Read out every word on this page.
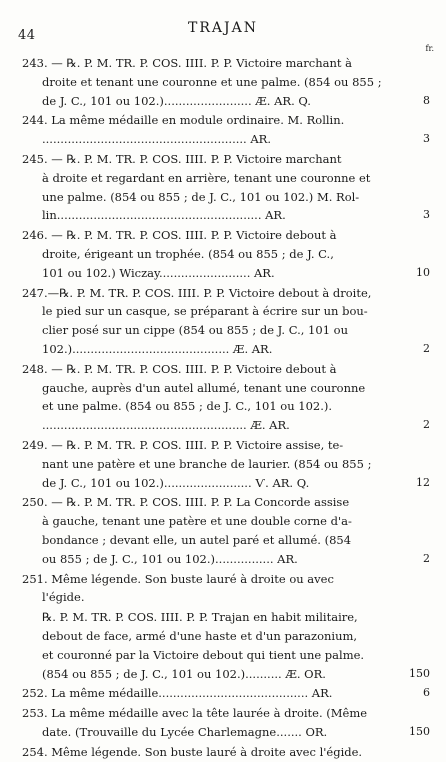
44	TRAJAN
fr.
243. — ℞. P. M. TR. P. COS. IIII. P. P. Victoire marchant à
droite et tenant une couronne et une palme. (854 ou 855 ;
de J. C., 101 ou 102.)........................ Æ. AR. Q.	8
244. La même médaille en module ordinaire. M. Rollin.
........................................................ AR.	3
245. — ℞. P. M. TR. P. COS. IIII. P. P. Victoire marchant
à droite et regardant en arrière, tenant une couronne et
une palme. (854 ou 855 ; de J. C., 101 ou 102.) M. Rol-
lin........................................................ AR.	3
246. — ℞. P. M. TR. P. COS. IIII. P. P. Victoire debout à
droite, érigeant un trophée. (854 ou 855 ; de J. C.,
101 ou 102.) Wiczay......................... AR.	10
247.—℞. P. M. TR. P. COS. IIII. P. P. Victoire debout à droite,
le pied sur un casque, se préparant à écrire sur un bou-
clier posé sur un cippe (854 ou 855 ; de J. C., 101 ou
102.)........................................... Æ. AR.	2
248. — ℞. P. M. TR. P. COS. IIII. P. P. Victoire debout à
gauche, auprès d'un autel allumé, tenant une couronne
et une palme. (854 ou 855 ; de J. C., 101 ou 102.).
........................................................ Æ. AR.	2
249. — ℞. P. M. TR. P. COS. IIII. P. P. Victoire assise, te-
nant une patère et une branche de laurier. (854 ou 855 ;
de J. C., 101 ou 102.)........................ Ѵ. AR. Q.	12
250. — ℞. P. M. TR. P. COS. IIII. P. P. La Concorde assise
à gauche, tenant une patère et une double corne d'a-
bondance ; devant elle, un autel paré et allumé. (854
ou 855 ; de J. C., 101 ou 102.)................ AR.	2
251. Même légende. Son buste lauré à droite ou avec
l'égide.
℞. P. M. TR. P. COS. IIII. P. P. Trajan en habit militaire,
debout de face, armé d'une haste et d'un parazonium,
et couronné par la Victoire debout qui tient une palme.
(854 ou 855 ; de J. C., 101 ou 102.).......... Æ. OR.	150
252. La même médaille......................................... AR.	6
253. La même médaille avec la tête laurée à droite. (Même
date. (Trouvaille du Lycée Charlemagne....... OR.	150
254. Même légende. Son buste lauré à droite avec l'égide.
